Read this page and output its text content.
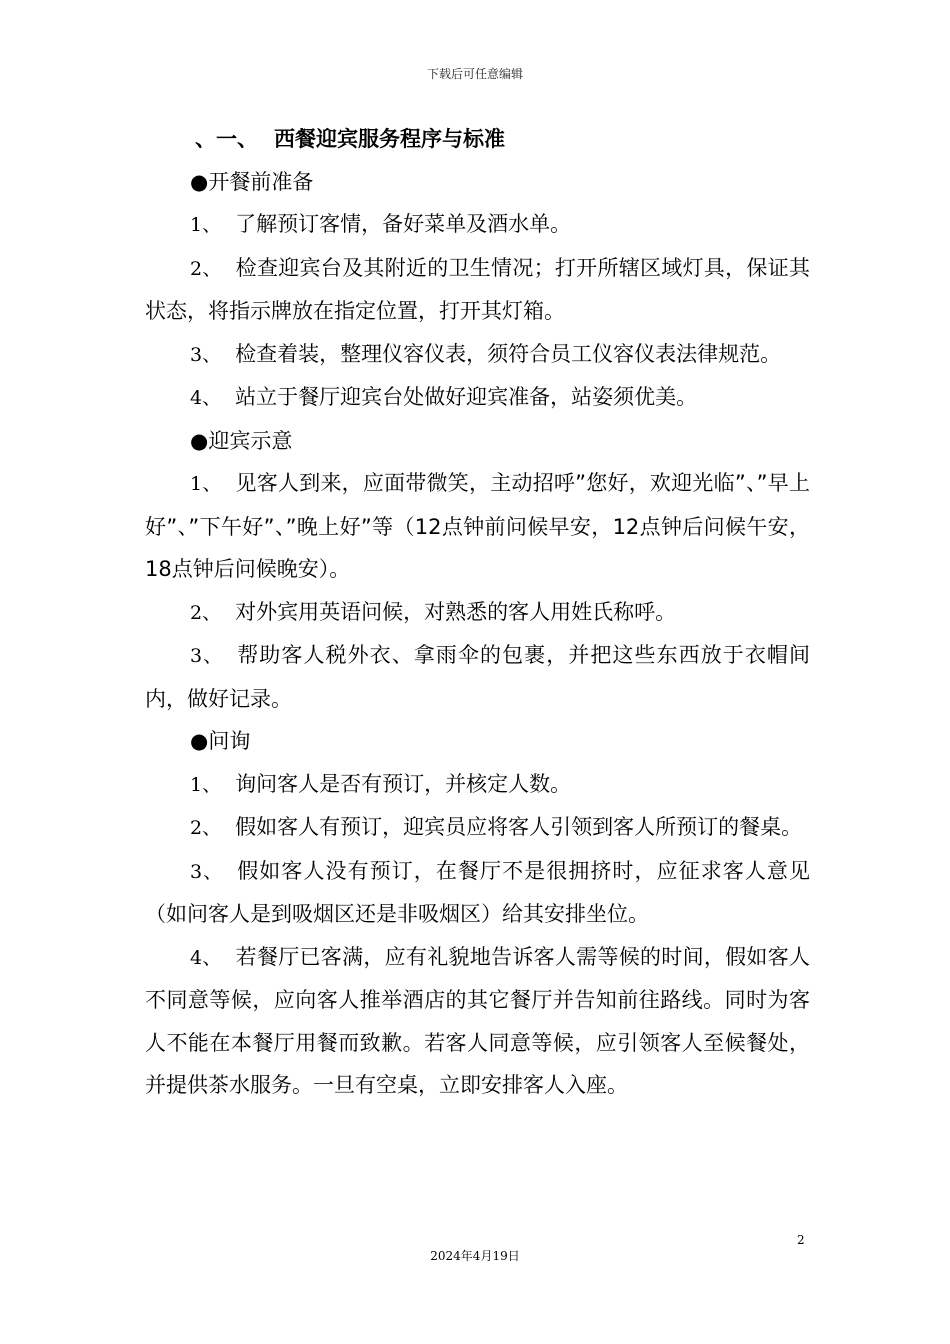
下载后可任意编辑
、一、 西餐迎宾服务程序与标准
●开餐前准备

1、 了解预订客情，备好菜单及酒水单。

2、 检查迎宾台及其附近的卫生情况；打开所辖区域灯具，保证其状态，将指示牌放在指定位置，打开其灯箱。

3、 检查着装，整理仪容仪表，须符合员工仪容仪表法律规范。

4、 站立于餐厅迎宾台处做好迎宾准备，站姿须优美。

●迎宾示意

1、 见客人到来，应面带微笑，主动招呼”您好，欢迎光临”、”早上好”、”下午好”、”晚上好”等（12点钟前问候早安，12点钟后问候午安，18点钟后问候晚安）。

2、 对外宾用英语问候，对熟悉的客人用姓氏称呼。

3、 帮助客人税外衣、拿雨伞的包裹，并把这些东西放于衣帽间内，做好记录。

●问询

1、 询问客人是否有预订，并核定人数。

2、 假如客人有预订，迎宾员应将客人引领到客人所预订的餐桌。

3、 假如客人没有预订，在餐厅不是很拥挤时，应征求客人意见（如问客人是到吸烟区还是非吸烟区）给其安排坐位。

4、 若餐厅已客满，应有礼貌地告诉客人需等候的时间，假如客人不同意等候，应向客人推举酒店的其它餐厅并告知前往路线。同时为客人不能在本餐厅用餐而致歉。若客人同意等候，应引领客人至候餐处，并提供茶水服务。一旦有空桌，立即安排客人入座。

2
2024年4月19日
